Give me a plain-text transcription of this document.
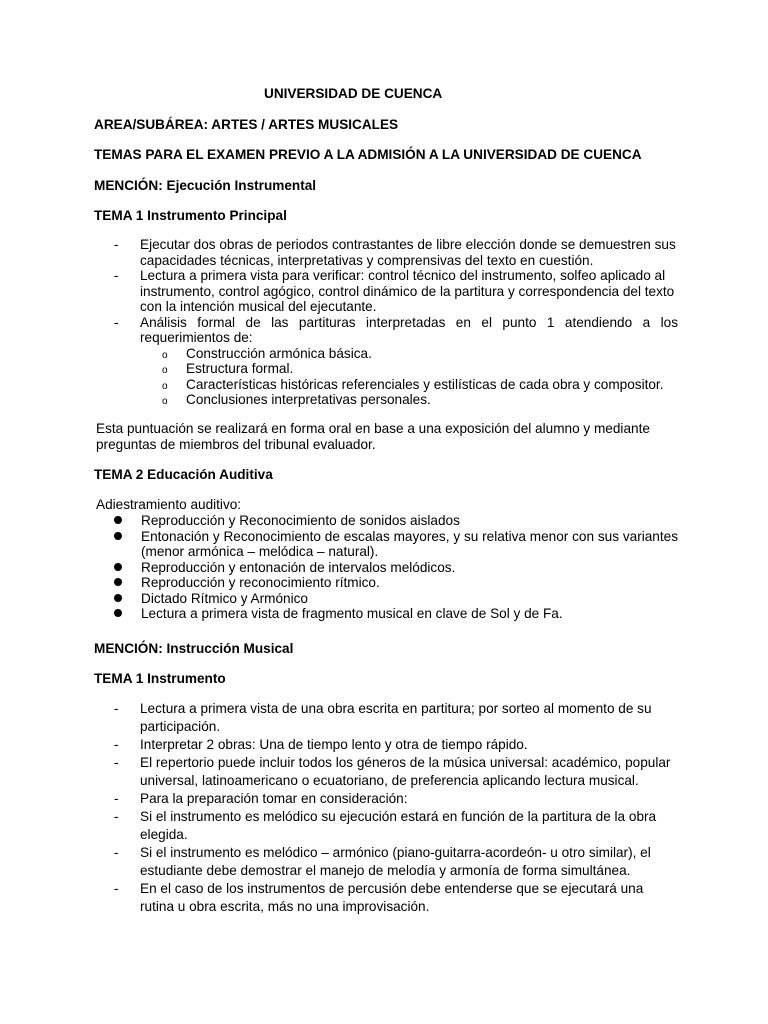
UNIVERSIDAD DE CUENCA
AREA/SUBÁREA: ARTES / ARTES MUSICALES
TEMAS PARA EL EXAMEN PREVIO A LA ADMISIÓN A LA UNIVERSIDAD DE CUENCA
MENCIÓN: Ejecución Instrumental
TEMA 1 Instrumento Principal
- Ejecutar dos obras de periodos contrastantes de libre elección donde se demuestren sus capacidades técnicas, interpretativas y comprensivas del texto en cuestión.
- Lectura a primera vista para verificar: control técnico del instrumento, solfeo aplicado al instrumento, control agógico, control dinámico de la partitura y correspondencia del texto con la intención musical del ejecutante.
- Análisis formal de las partituras interpretadas en el punto 1 atendiendo a los requerimientos de:
o Construcción armónica básica.
o Estructura formal.
o Características históricas referenciales y estilísticas de cada obra y compositor.
o Conclusiones interpretativas personales.
Esta puntuación se realizará en forma oral en base a una exposición del alumno y mediante preguntas de miembros del tribunal evaluador.
TEMA 2 Educación Auditiva
Adiestramiento auditivo:
Reproducción y Reconocimiento de sonidos aislados
Entonación y Reconocimiento de escalas mayores, y su relativa menor con sus variantes (menor armónica – melódica – natural).
Reproducción y entonación de intervalos melódicos.
Reproducción y reconocimiento rítmico.
Dictado Rítmico y Armónico
Lectura a primera vista de fragmento musical en clave de Sol y de Fa.
MENCIÓN: Instrucción Musical
TEMA 1 Instrumento
- Lectura a primera vista de una obra escrita en partitura; por sorteo al momento de su participación.
- Interpretar 2 obras: Una de tiempo lento y otra de tiempo rápido.
- El repertorio puede incluir todos los géneros de la música universal: académico, popular universal, latinoamericano o ecuatoriano, de preferencia aplicando lectura musical.
- Para la preparación tomar en consideración:
- Si el instrumento es melódico su ejecución estará en función de la partitura de la obra elegida.
- Si el instrumento es melódico – armónico (piano-guitarra-acordeón- u otro similar), el estudiante debe demostrar el manejo de melodía y armonía de forma simultánea.
- En el caso de los instrumentos de percusión debe entenderse que se ejecutará una rutina u obra escrita, más no una improvisación.
